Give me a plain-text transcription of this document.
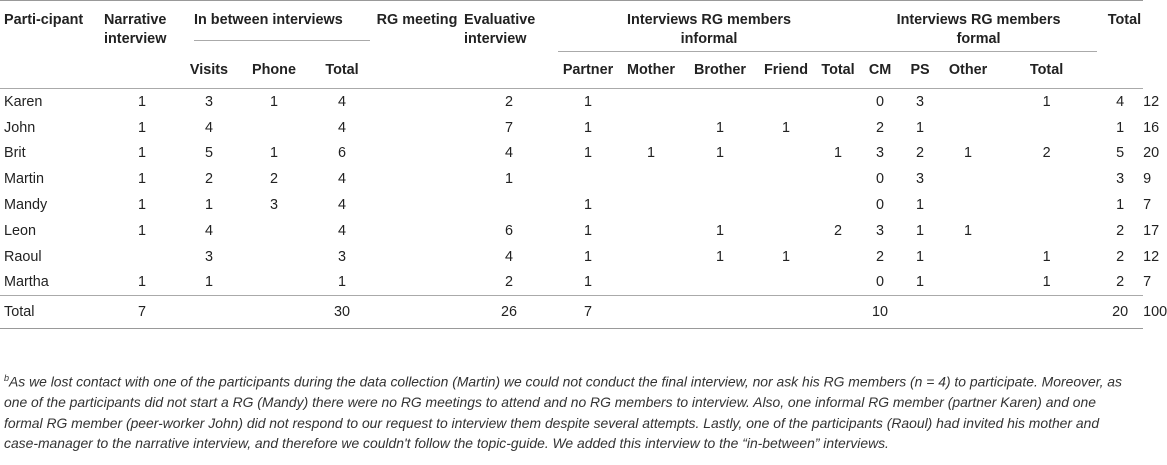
Parti-cipant	Narrative interview	In between interviews			RG meeting	Evaluative interview	Interviews RG members informal					Interviews RG members formal				Total	
		Visits	Phone	Total			Partner	Mother	Brother	Friend	Total	CM	PS	Other	Total		
Karen	1	3	1	4		2	1					0	3		1	4	12
John	1	4		4		7	1		1	1		2	1			1	16
Brit	1	5	1	6		4	1	1	1		1	3	2	1	2	5	20
Martin	1	2	2	4		1						0	3			3	9
Mandy	1	1	3	4			1					0	1			1	7
Leon	1	4		4		6	1		1		2	3	1	1		2	17
Raoul		3		3		4	1		1	1		2	1		1	2	12
Martha	1	1		1		2	1					0	1		1	2	7
Total	7			30		26	7					10				20	100
$^b$As we lost contact with one of the participants during the data collection (Martin) we could not conduct the final interview, nor ask his RG members (n = 4) to participate. Moreover, as one of the participants did not start a RG (Mandy) there were no RG meetings to attend and no RG members to interview. Also, one informal RG member (partner Karen) and one formal RG member (peer-worker John) did not respond to our request to interview them despite several attempts. Lastly, one of the participants (Raoul) had invited his mother and case-manager to the narrative interview, and therefore we couldn't follow the topic-guide. We added this interview to the “in-between” interviews.
